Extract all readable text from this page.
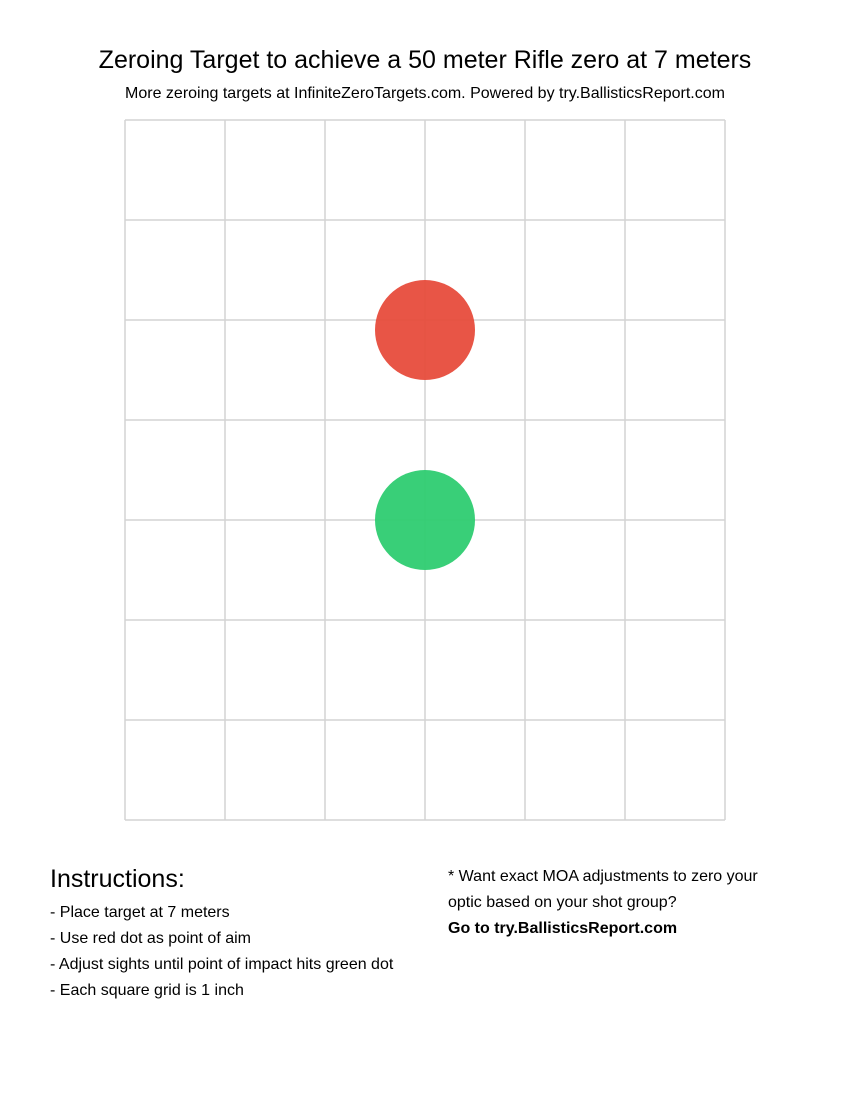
Zeroing Target to achieve a 50 meter Rifle zero at 7 meters
More zeroing targets at InfiniteZeroTargets.com. Powered by try.BallisticsReport.com
Instructions:
- Place target at 7 meters
- Use red dot as point of aim
- Adjust sights until point of impact hits green dot
- Each square grid is 1 inch
* Want exact MOA adjustments to zero your
optic based on your shot group?
Go to try.BallisticsReport.com
